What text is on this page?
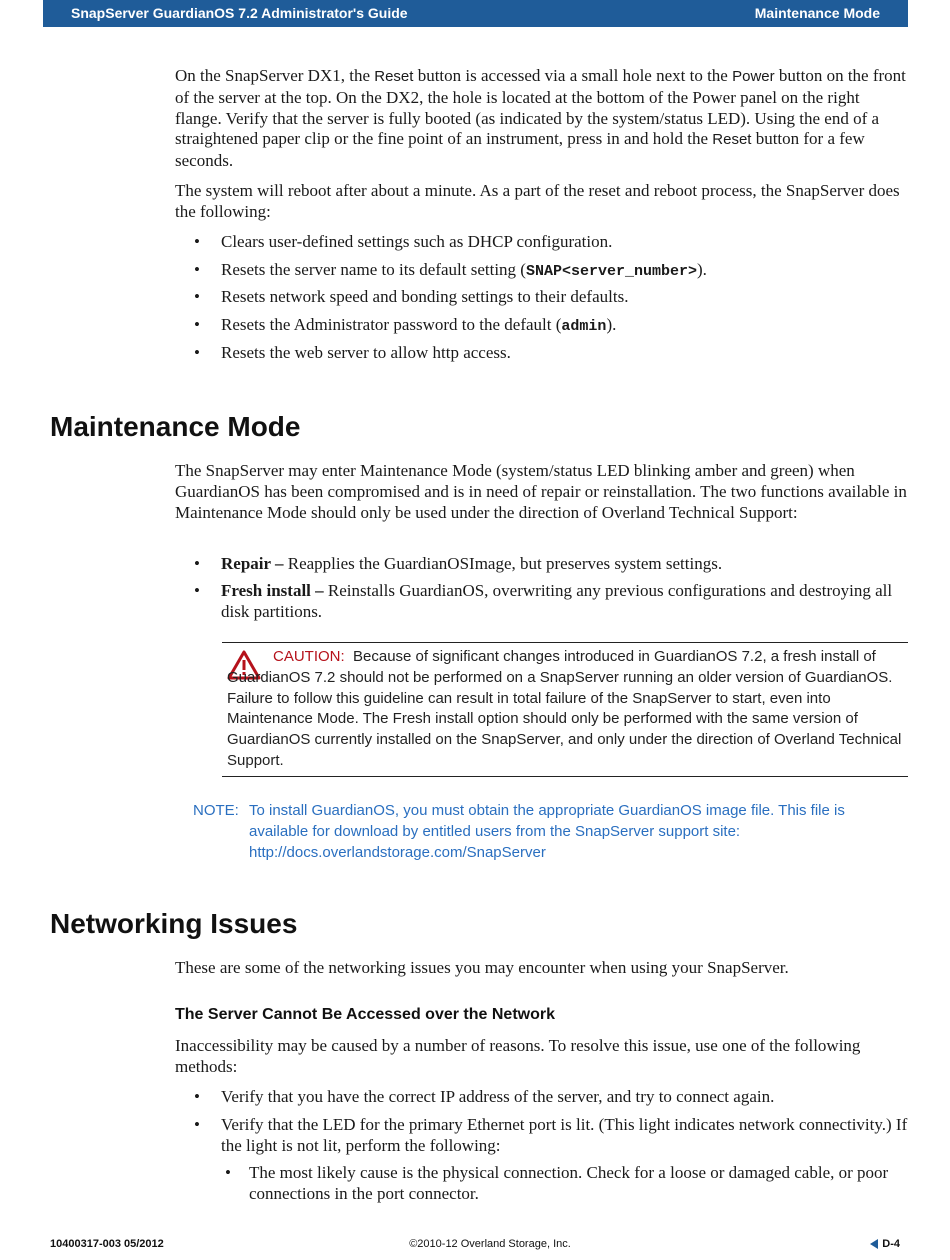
SnapServer GuardianOS 7.2 Administrator's Guide	Maintenance Mode
On the SnapServer DX1, the Reset button is accessed via a small hole next to the Power button on the front of the server at the top. On the DX2, the hole is located at the bottom of the Power panel on the right flange. Verify that the server is fully booted (as indicated by the system/status LED). Using the end of a straightened paper clip or the fine point of an instrument, press in and hold the Reset button for a few seconds.
The system will reboot after about a minute. As a part of the reset and reboot process, the SnapServer does the following:
• Clears user-defined settings such as DHCP configuration.
• Resets the server name to its default setting (SNAP<server_number>).
• Resets network speed and bonding settings to their defaults.
• Resets the Administrator password to the default (admin).
• Resets the web server to allow http access.
Maintenance Mode
The SnapServer may enter Maintenance Mode (system/status LED blinking amber and green) when GuardianOS has been compromised and is in need of repair or reinstallation. The two functions available in Maintenance Mode should only be used under the direction of Overland Technical Support:
• Repair – Reapplies the GuardianOSImage, but preserves system settings.
• Fresh install – Reinstalls GuardianOS, overwriting any previous configurations and destroying all disk partitions.
CAUTION: Because of significant changes introduced in GuardianOS 7.2, a fresh install of GuardianOS 7.2 should not be performed on a SnapServer running an older version of GuardianOS. Failure to follow this guideline can result in total failure of the SnapServer to start, even into Maintenance Mode. The Fresh install option should only be performed with the same version of GuardianOS currently installed on the SnapServer, and only under the direction of Overland Technical Support.
NOTE: To install GuardianOS, you must obtain the appropriate GuardianOS image file. This file is available for download by entitled users from the SnapServer support site:
http://docs.overlandstorage.com/SnapServer
Networking Issues
These are some of the networking issues you may encounter when using your SnapServer.
The Server Cannot Be Accessed over the Network
Inaccessibility may be caused by a number of reasons. To resolve this issue, use one of the following methods:
• Verify that you have the correct IP address of the server, and try to connect again.
• Verify that the LED for the primary Ethernet port is lit. (This light indicates network connectivity.) If the light is not lit, perform the following:
• The most likely cause is the physical connection. Check for a loose or damaged cable, or poor connections in the port connector.
10400317-003 05/2012	©2010-12 Overland Storage, Inc.	D-4
